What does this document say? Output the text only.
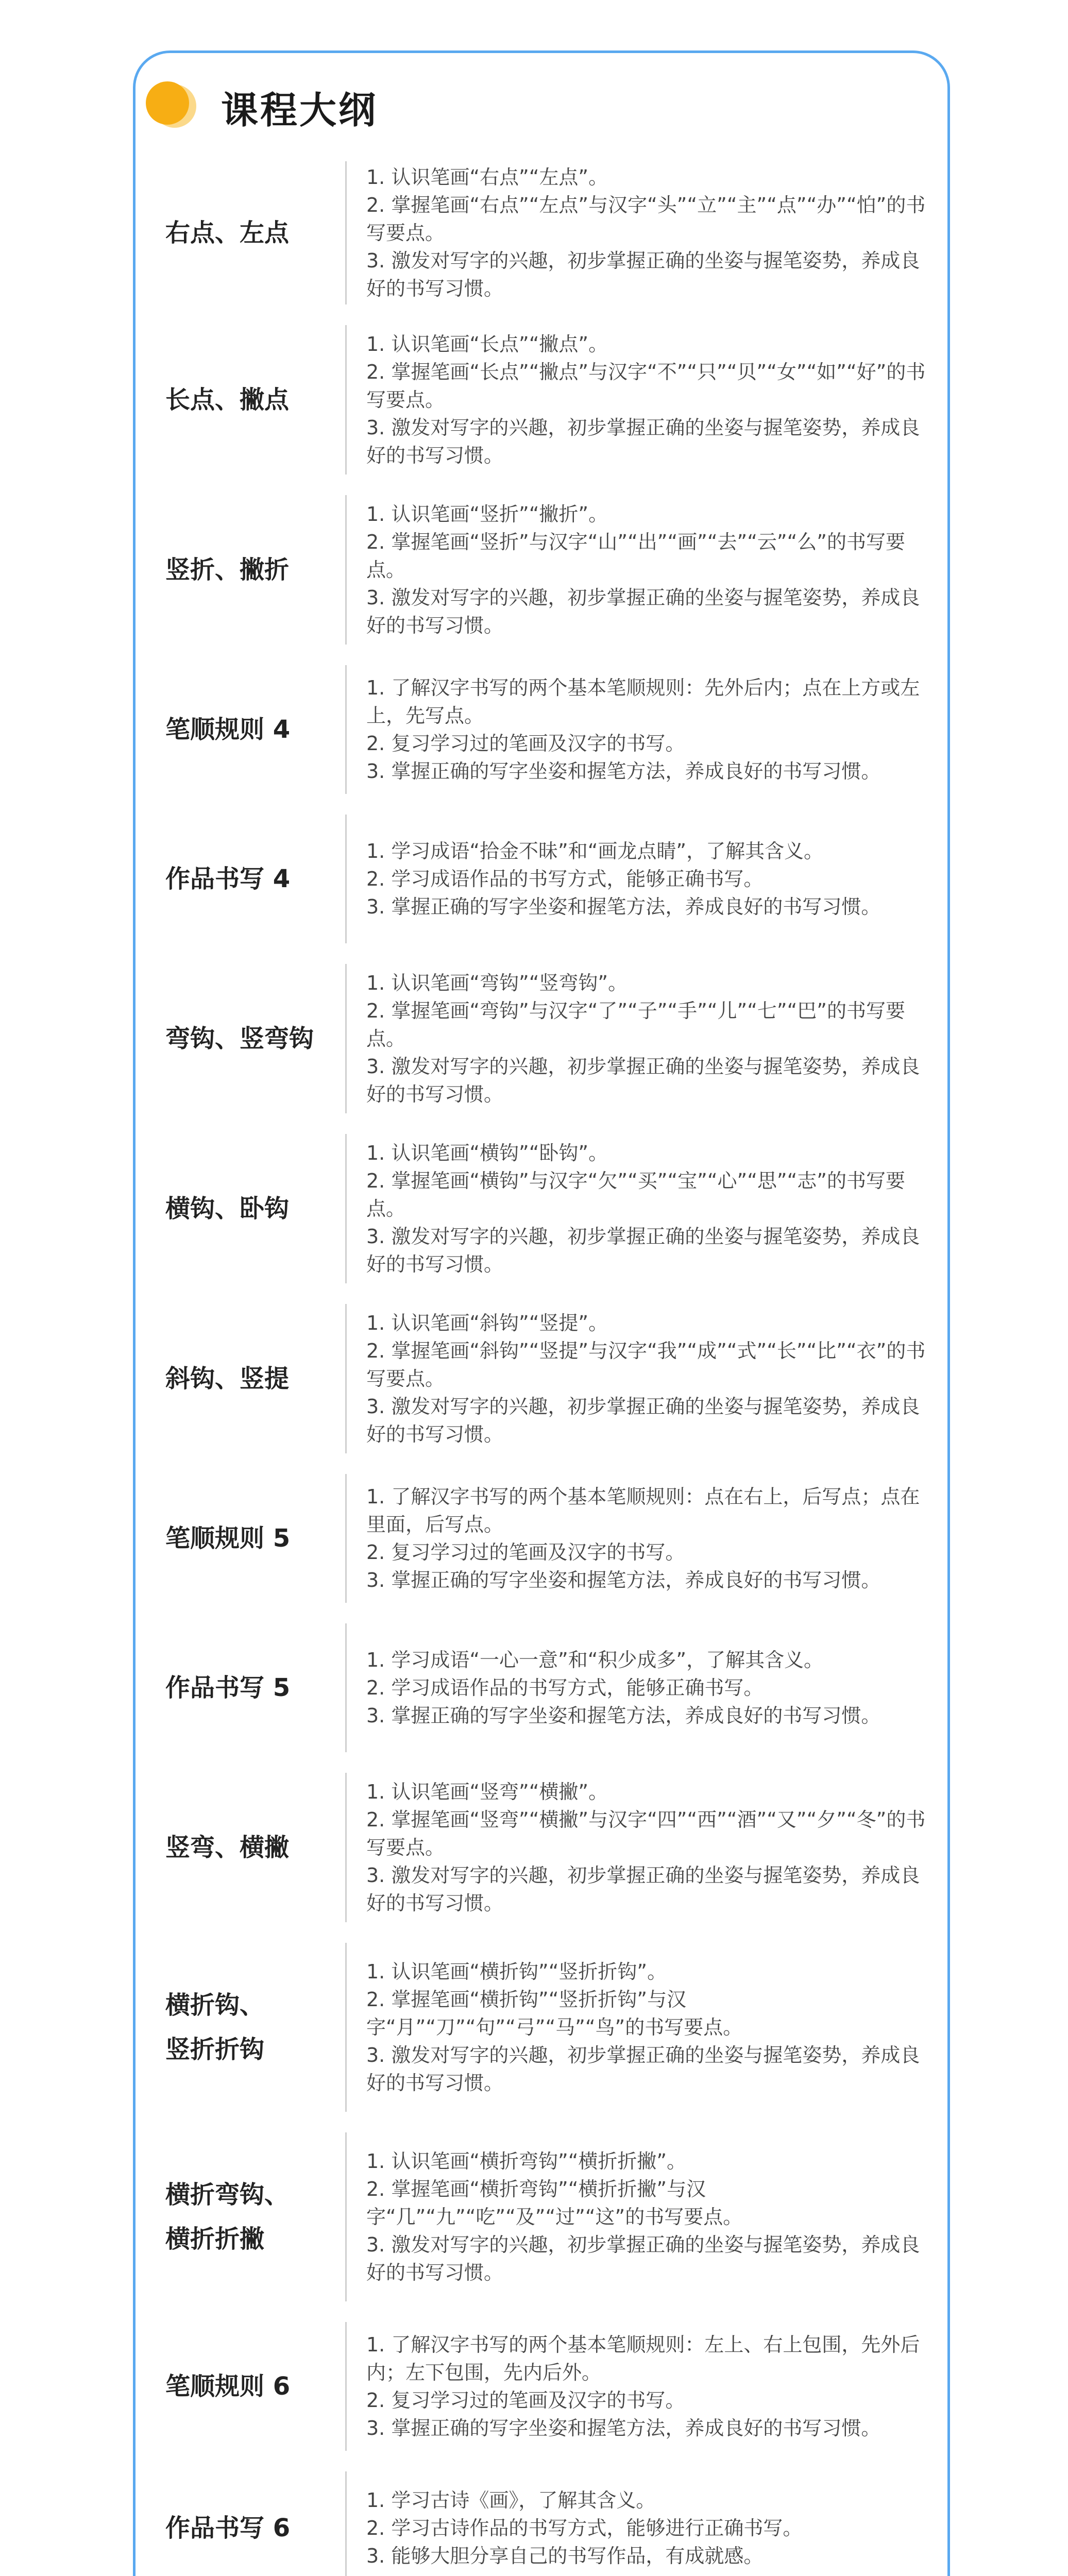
课程大纲
右点、左点
1. 认识笔画“右点”“左点”。
2. 掌握笔画“右点”“左点”与汉字“头”“立”“主”“点”“办”“怕”的书写要点。
3. 激发对写字的兴趣，初步掌握正确的坐姿与握笔姿势，养成良好的书写习惯。
长点、撇点
1. 认识笔画“长点”“撇点”。
2. 掌握笔画“长点”“撇点”与汉字“不”“只”“贝”“女”“如”“好”的书写要点。
3. 激发对写字的兴趣，初步掌握正确的坐姿与握笔姿势，养成良好的书写习惯。
竖折、撇折
1. 认识笔画“竖折”“撇折”。
2. 掌握笔画“竖折”与汉字“山”“出”“画”“去”“云”“么”的书写要点。
3. 激发对写字的兴趣，初步掌握正确的坐姿与握笔姿势，养成良好的书写习惯。
笔顺规则 4
1. 了解汉字书写的两个基本笔顺规则：先外后内；点在上方或左上，先写点。
2. 复习学习过的笔画及汉字的书写。
3. 掌握正确的写字坐姿和握笔方法，养成良好的书写习惯。
作品书写 4
1. 学习成语“拾金不昧”和“画龙点睛”，了解其含义。
2. 学习成语作品的书写方式，能够正确书写。
3. 掌握正确的写字坐姿和握笔方法，养成良好的书写习惯。
弯钩、竖弯钩
1. 认识笔画“弯钩”“竖弯钩”。
2. 掌握笔画“弯钩”与汉字“了”“子”“手”“儿”“七”“巴”的书写要点。
3. 激发对写字的兴趣，初步掌握正确的坐姿与握笔姿势，养成良好的书写习惯。
横钩、卧钩
1. 认识笔画“横钩”“卧钩”。
2. 掌握笔画“横钩”与汉字“欠”“买”“宝”“心”“思”“志”的书写要点。
3. 激发对写字的兴趣，初步掌握正确的坐姿与握笔姿势，养成良好的书写习惯。
斜钩、竖提
1. 认识笔画“斜钩”“竖提”。
2. 掌握笔画“斜钩”“竖提”与汉字“我”“成”“式”“长”“比”“衣”的书写要点。
3. 激发对写字的兴趣，初步掌握正确的坐姿与握笔姿势，养成良好的书写习惯。
笔顺规则 5
1. 了解汉字书写的两个基本笔顺规则：点在右上，后写点；点在里面，后写点。
2. 复习学习过的笔画及汉字的书写。
3. 掌握正确的写字坐姿和握笔方法，养成良好的书写习惯。
作品书写 5
1. 学习成语“一心一意”和“积少成多”，了解其含义。
2. 学习成语作品的书写方式，能够正确书写。
3. 掌握正确的写字坐姿和握笔方法，养成良好的书写习惯。
竖弯、横撇
1. 认识笔画“竖弯”“横撇”。
2. 掌握笔画“竖弯”“横撇”与汉字“四”“西”“酒”“又”“夕”“冬”的书写要点。
3. 激发对写字的兴趣，初步掌握正确的坐姿与握笔姿势，养成良好的书写习惯。
横折钩、
竖折折钩
1. 认识笔画“横折钩”“竖折折钩”。
2. 掌握笔画“横折钩”“竖折折钩”与汉字“月”“刀”“句”“弓”“马”“鸟”的书写要点。
3. 激发对写字的兴趣，初步掌握正确的坐姿与握笔姿势，养成良好的书写习惯。
横折弯钩、
横折折撇
1. 认识笔画“横折弯钩”“横折折撇”。
2. 掌握笔画“横折弯钩”“横折折撇”与汉字“几”“九”“吃”“及”“过”“这”的书写要点。
3. 激发对写字的兴趣，初步掌握正确的坐姿与握笔姿势，养成良好的书写习惯。
笔顺规则 6
1. 了解汉字书写的两个基本笔顺规则：左上、右上包围，先外后内；左下包围，先内后外。
2. 复习学习过的笔画及汉字的书写。
3. 掌握正确的写字坐姿和握笔方法，养成良好的书写习惯。
作品书写 6
1. 学习古诗《画》，了解其含义。
2. 学习古诗作品的书写方式，能够进行正确书写。
3. 能够大胆分享自己的书写作品，有成就感。
